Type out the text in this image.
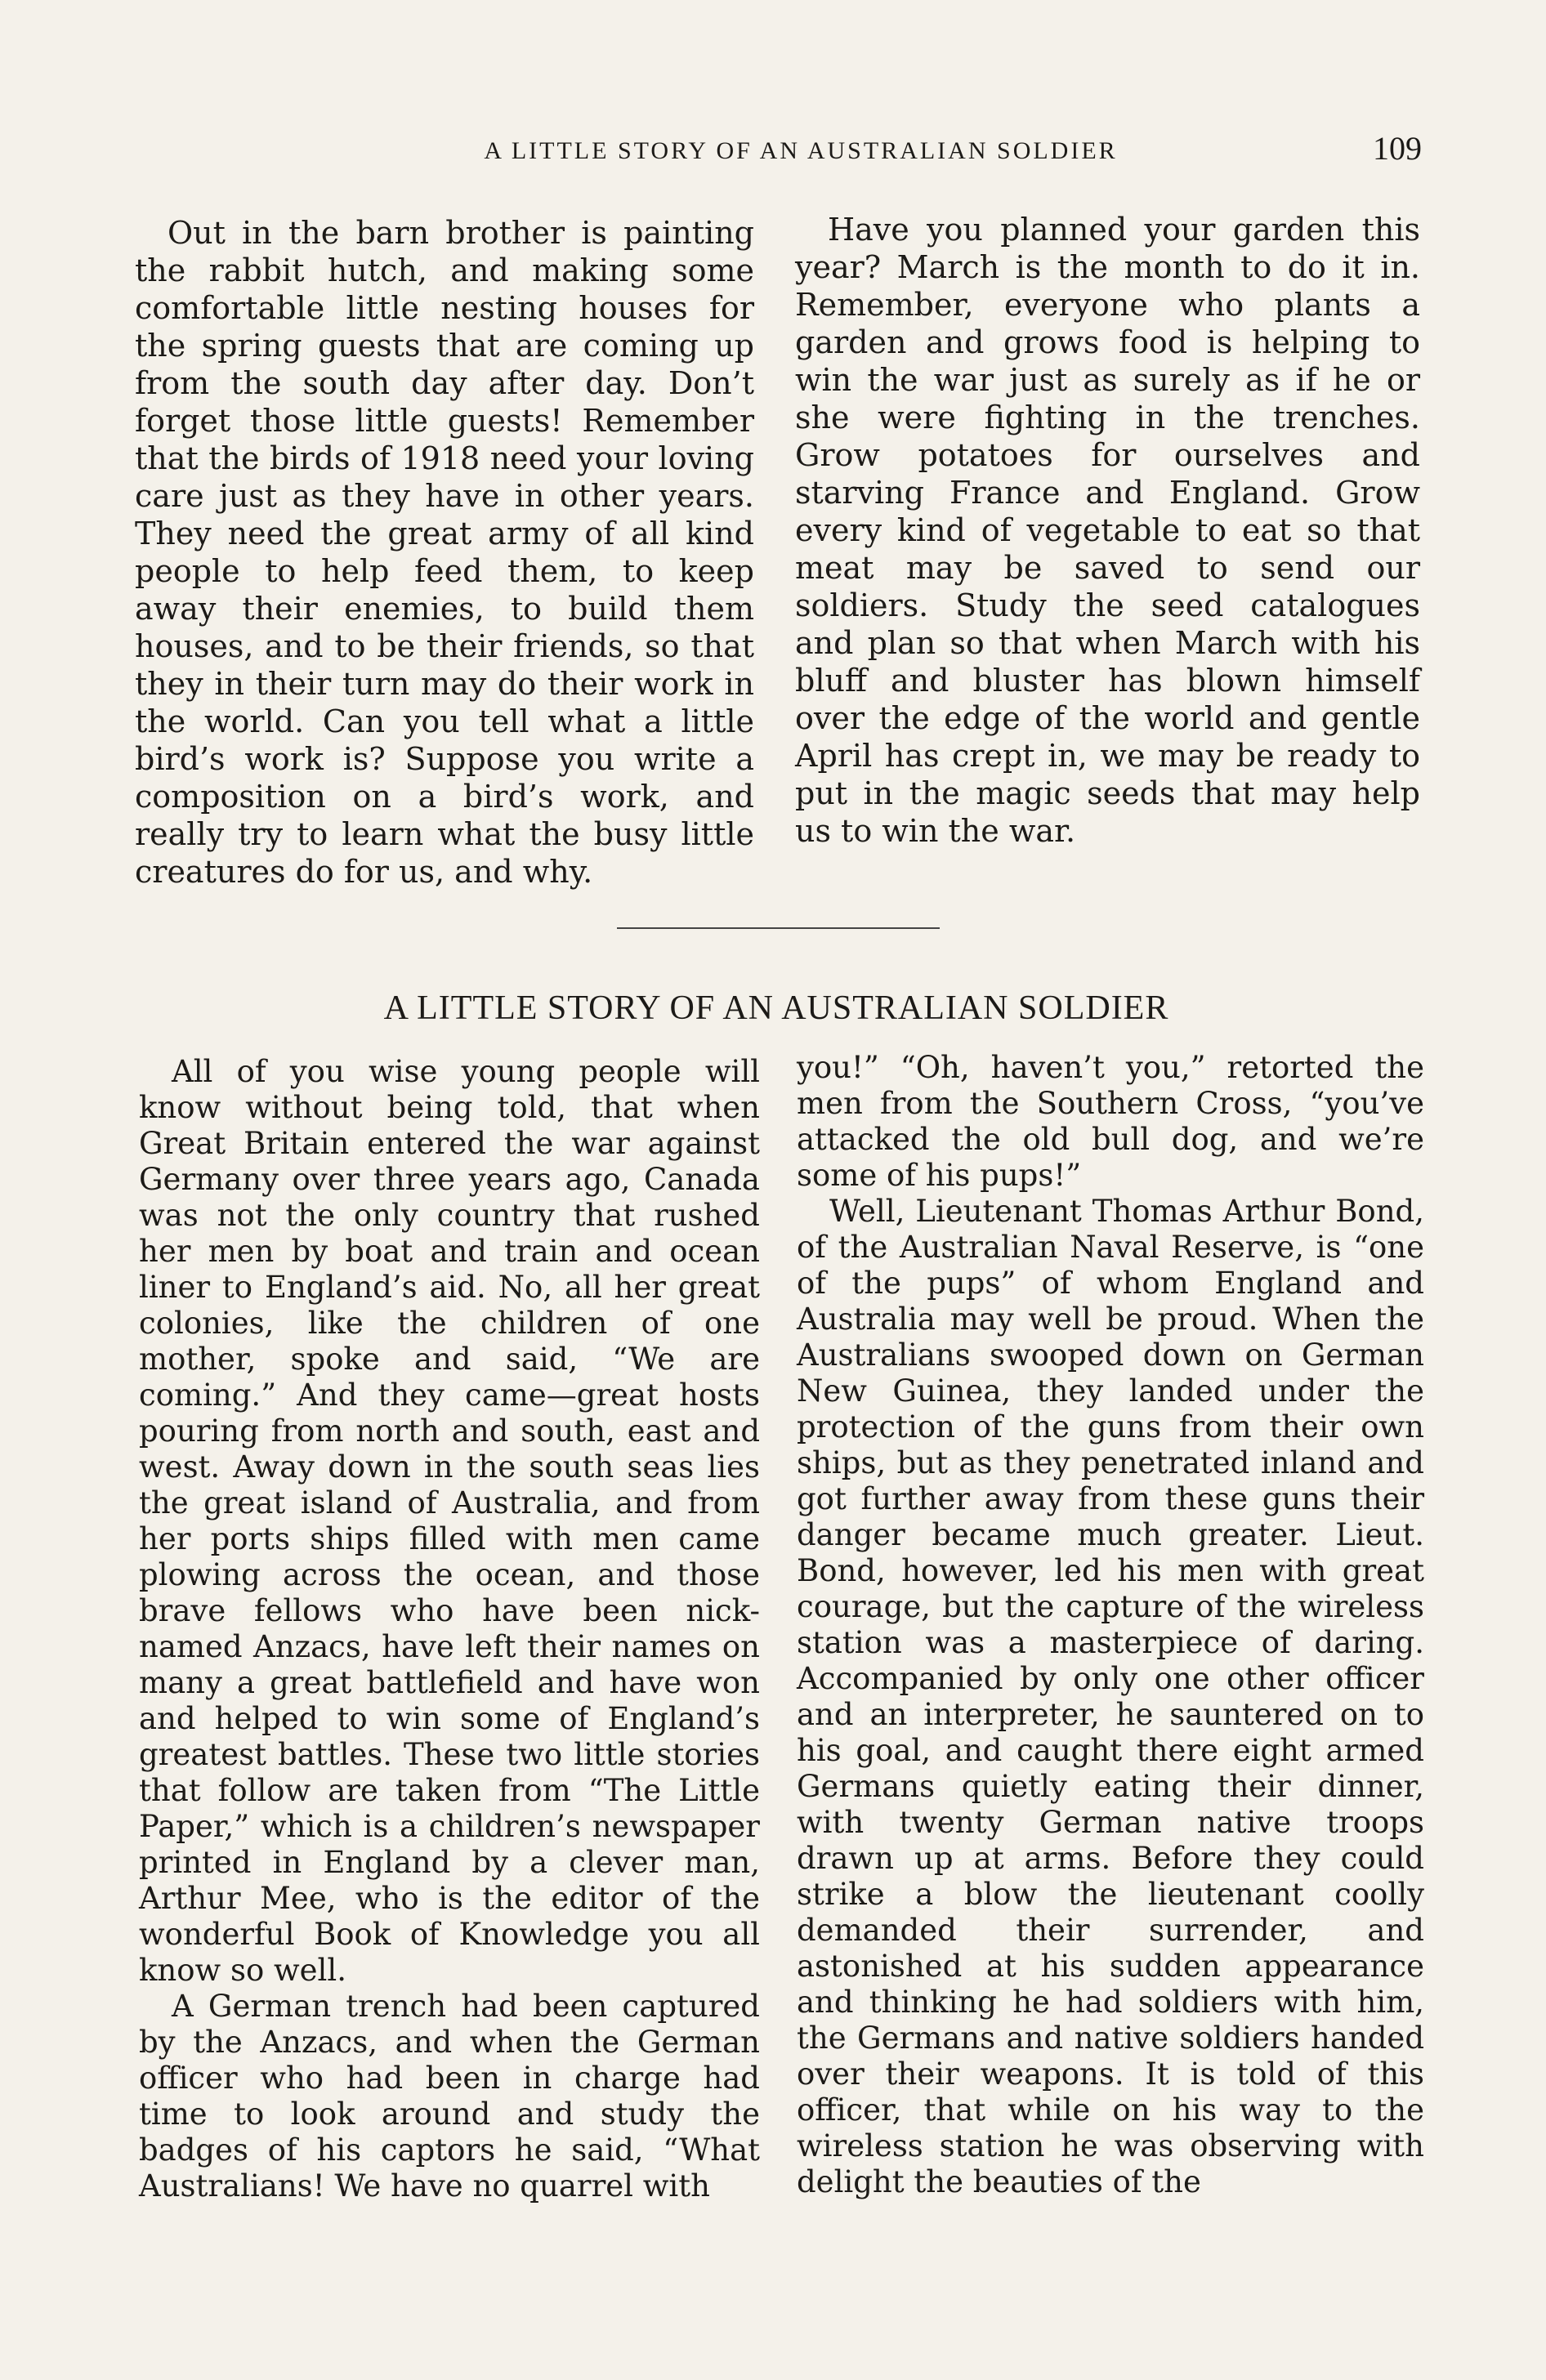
A LITTLE STORY OF AN AUSTRALIAN SOLDIER	109

Out in the barn brother is painting the rabbit hutch, and making some comfortable little nesting houses for the spring guests that are coming up from the south day after day. Don’t forget those little guests! Remember that the birds of 1918 need your loving care just as they have in other years. They need the great army of all kind people to help feed them, to keep away their enemies, to build them houses, and to be their friends, so that they in their turn may do their work in the world. Can you tell what a little bird’s work is? Suppose you write a composition on a bird’s work, and really try to learn what the busy little creatures do for us, and why.

Have you planned your garden this year? March is the month to do it in. Remember, everyone who plants a garden and grows food is helping to win the war just as surely as if he or she were fighting in the trenches. Grow potatoes for ourselves and starving France and England. Grow every kind of vegetable to eat so that meat may be saved to send our soldiers. Study the seed catalogues and plan so that when March with his bluff and bluster has blown himself over the edge of the world and gentle April has crept in, we may be ready to put in the magic seeds that may help us to win the war.

A LITTLE STORY OF AN AUSTRALIAN SOLDIER

All of you wise young people will know without being told, that when Great Britain entered the war against Germany over three years ago, Canada was not the only country that rushed her men by boat and train and ocean liner to England’s aid. No, all her great colonies, like the children of one mother, spoke and said, “We are coming.” And they came—great hosts pouring from north and south, east and west. Away down in the south seas lies the great island of Australia, and from her ports ships filled with men came plowing across the ocean, and those brave fellows who have been nick-named Anzacs, have left their names on many a great battlefield and have won and helped to win some of England’s greatest battles. These two little stories that follow are taken from “The Little Paper,” which is a children’s newspaper printed in England by a clever man, Arthur Mee, who is the editor of the wonderful Book of Knowledge you all know so well.

A German trench had been captured by the Anzacs, and when the German officer who had been in charge had time to look around and study the badges of his captors he said, “What Australians! We have no quarrel with

you!” “Oh, haven’t you,” retorted the men from the Southern Cross, “you’ve attacked the old bull dog, and we’re some of his pups!”

Well, Lieutenant Thomas Arthur Bond, of the Australian Naval Reserve, is “one of the pups” of whom England and Australia may well be proud. When the Australians swooped down on German New Guinea, they landed under the protection of the guns from their own ships, but as they penetrated inland and got further away from these guns their danger became much greater. Lieut. Bond, however, led his men with great courage, but the capture of the wireless station was a masterpiece of daring. Accompanied by only one other officer and an interpreter, he sauntered on to his goal, and caught there eight armed Germans quietly eating their dinner, with twenty German native troops drawn up at arms. Before they could strike a blow the lieutenant coolly demanded their surrender, and astonished at his sudden appearance and thinking he had soldiers with him, the Germans and native soldiers handed over their weapons. It is told of this officer, that while on his way to the wireless station he was observing with delight the beauties of the
